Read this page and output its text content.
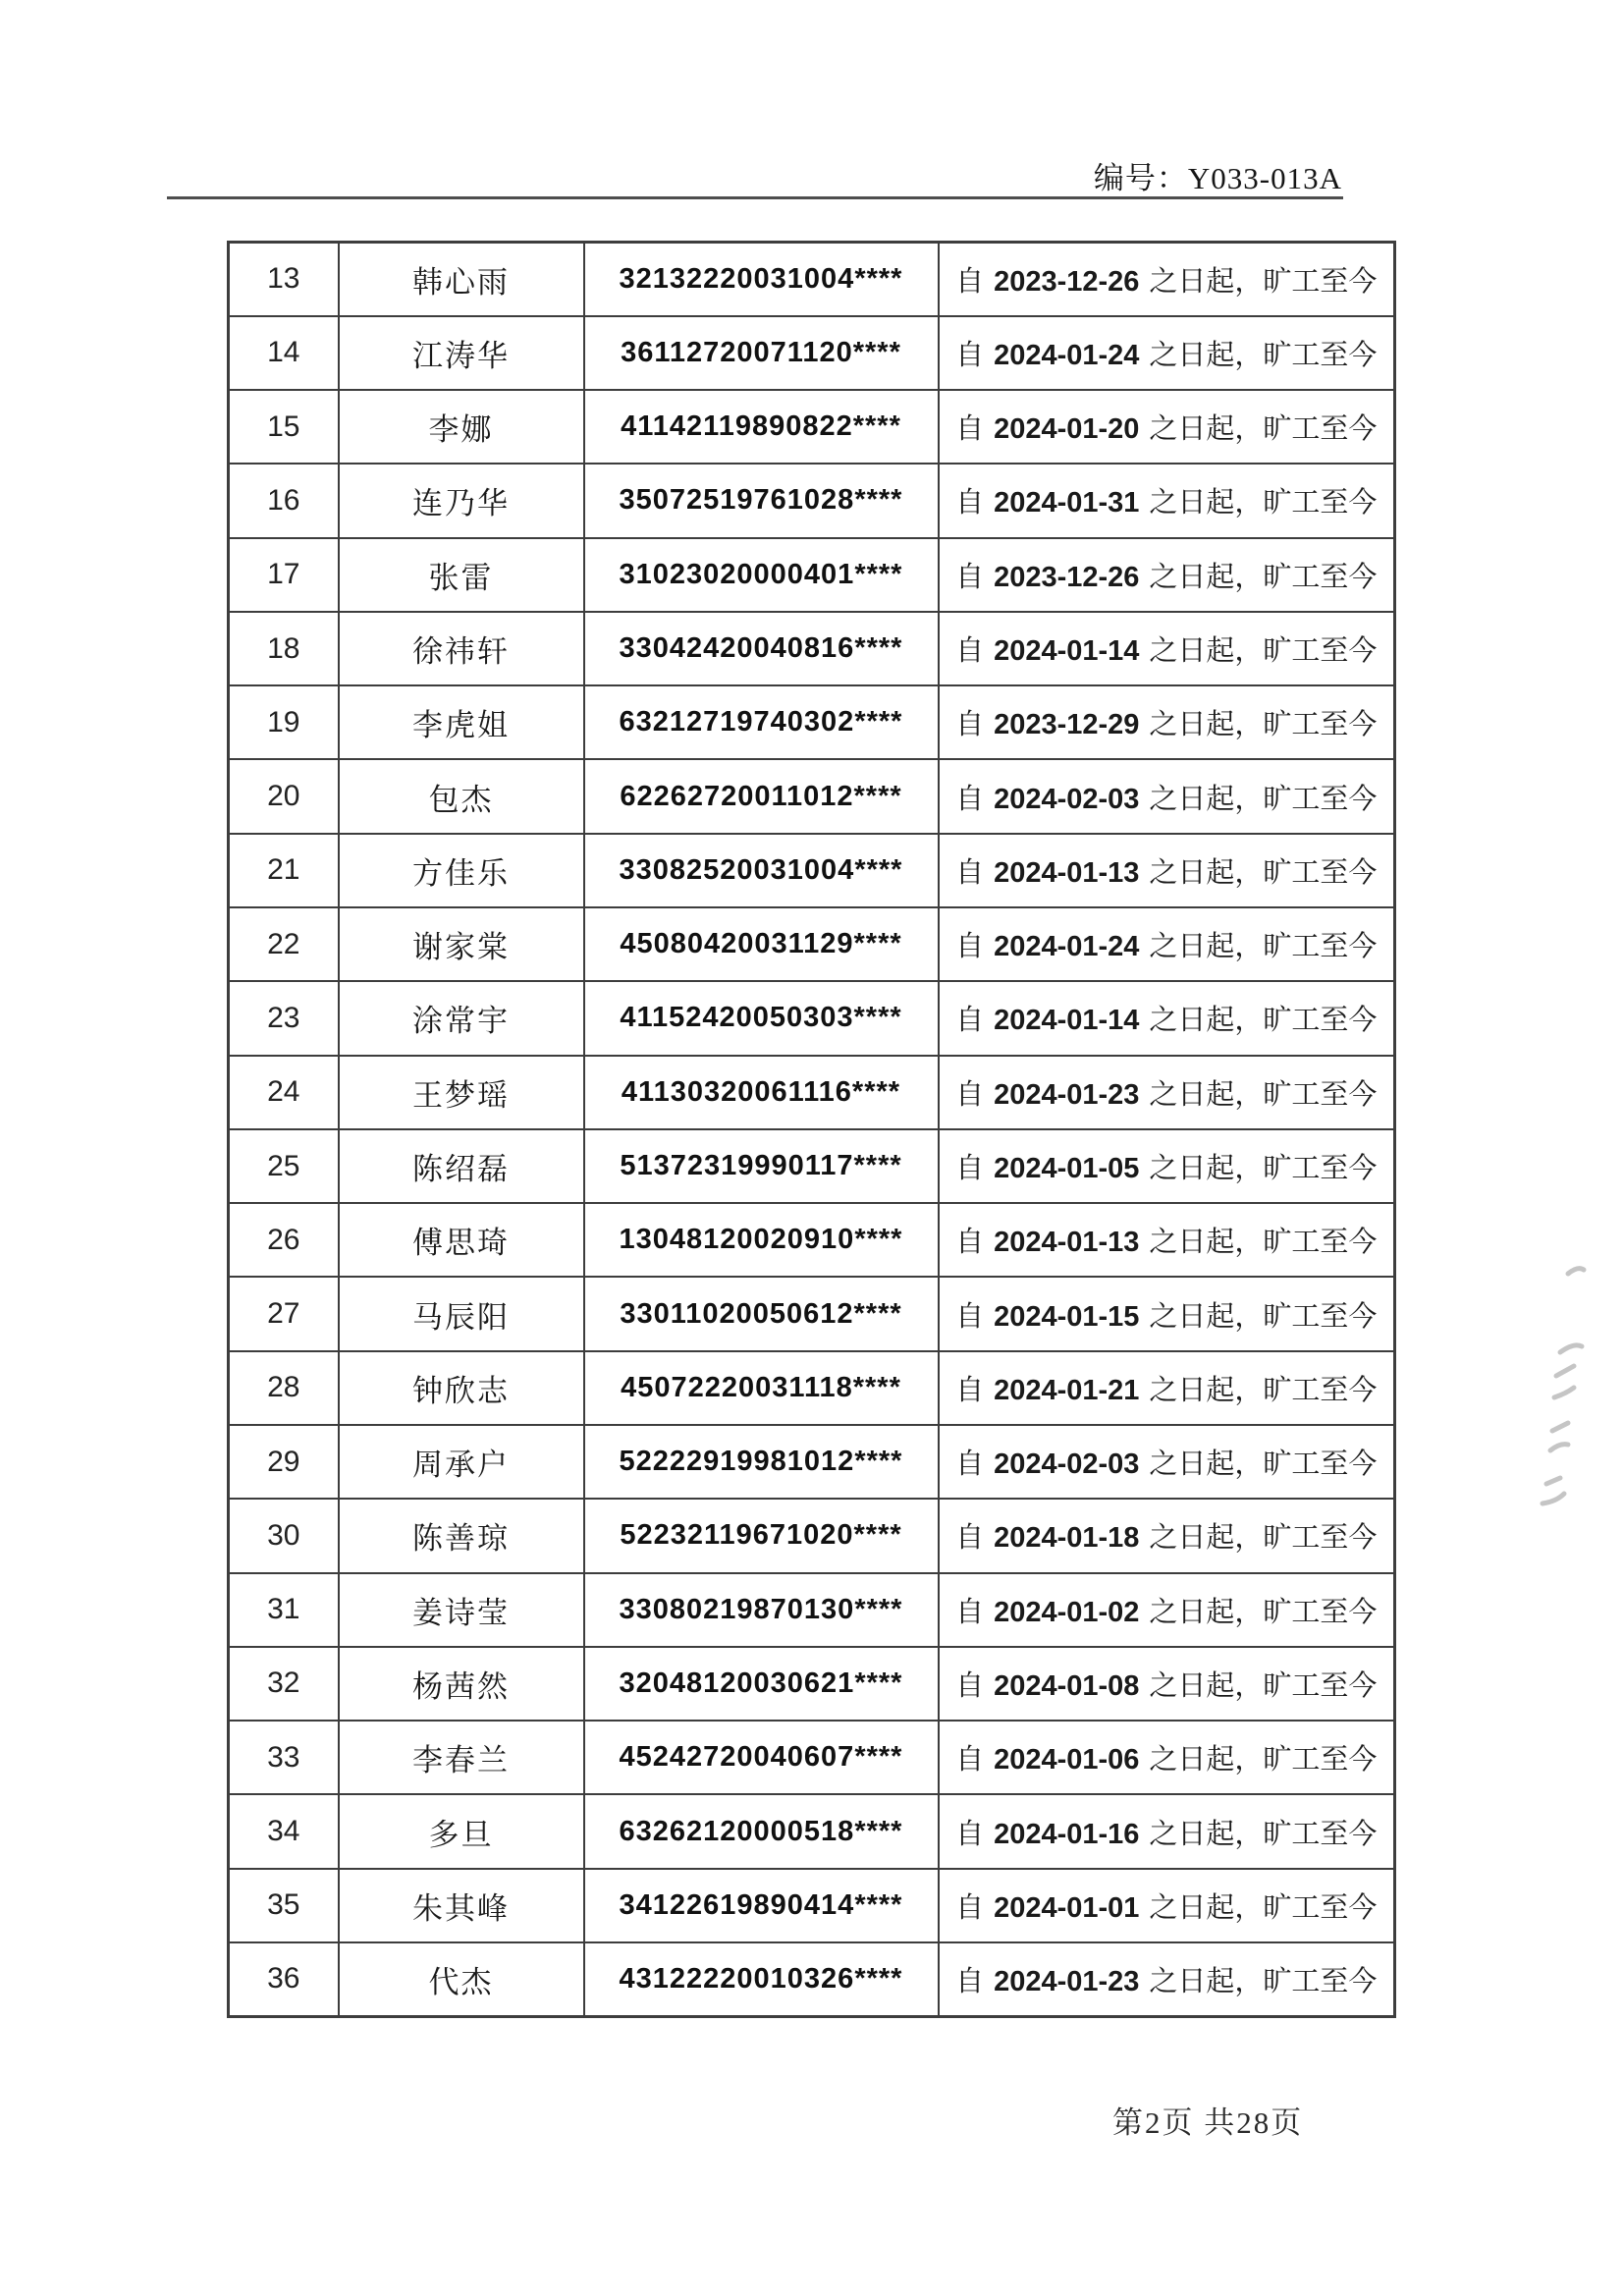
编号：Y033-013A
13	韩心雨	32132220031004****	自 2023-12-26 之日起，旷工至今
14	江涛华	36112720071120****	自 2024-01-24 之日起，旷工至今
15	李娜	41142119890822****	自 2024-01-20 之日起，旷工至今
16	连乃华	35072519761028****	自 2024-01-31 之日起，旷工至今
17	张雷	31023020000401****	自 2023-12-26 之日起，旷工至今
18	徐祎轩	33042420040816****	自 2024-01-14 之日起，旷工至今
19	李虎姐	63212719740302****	自 2023-12-29 之日起，旷工至今
20	包杰	62262720011012****	自 2024-02-03 之日起，旷工至今
21	方佳乐	33082520031004****	自 2024-01-13 之日起，旷工至今
22	谢家棠	45080420031129****	自 2024-01-24 之日起，旷工至今
23	涂常宇	41152420050303****	自 2024-01-14 之日起，旷工至今
24	王梦瑶	41130320061116****	自 2024-01-23 之日起，旷工至今
25	陈绍磊	51372319990117****	自 2024-01-05 之日起，旷工至今
26	傅思琦	13048120020910****	自 2024-01-13 之日起，旷工至今
27	马辰阳	33011020050612****	自 2024-01-15 之日起，旷工至今
28	钟欣志	45072220031118****	自 2024-01-21 之日起，旷工至今
29	周承户	52222919981012****	自 2024-02-03 之日起，旷工至今
30	陈善琼	52232119671020****	自 2024-01-18 之日起，旷工至今
31	姜诗莹	33080219870130****	自 2024-01-02 之日起，旷工至今
32	杨茜然	32048120030621****	自 2024-01-08 之日起，旷工至今
33	李春兰	45242720040607****	自 2024-01-06 之日起，旷工至今
34	多旦	63262120000518****	自 2024-01-16 之日起，旷工至今
35	朱其峰	34122619890414****	自 2024-01-01 之日起，旷工至今
36	代杰	43122220010326****	自 2024-01-23 之日起，旷工至今
第2页 共28页
